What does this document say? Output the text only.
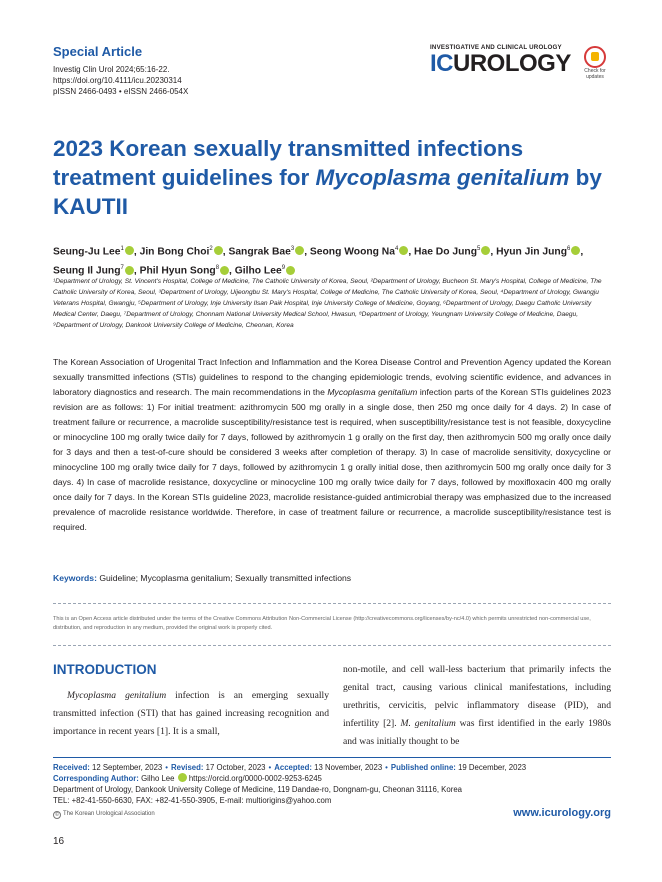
Special Article
Investig Clin Urol 2024;65:16-22.
https://doi.org/10.4111/icu.20230314
pISSN 2466-0493 • eISSN 2466-054X
INVESTIGATIVE AND CLINICAL UROLOGY
ICUROLOGY	Check for updates
2023 Korean sexually transmitted infections treatment guidelines for Mycoplasma genitalium by KAUTII
Seung-Ju Lee$^1$ , Jin Bong Choi$^2$ , Sangrak Bae$^3$ , Seong Woong Na$^4$ , Hae Do Jung$^5$ , Hyun Jin Jung$^6$ ,
Seung Il Jung$^7$ , Phil Hyun Song$^8$ , Gilho Lee$^9$
¹Department of Urology, St. Vincent's Hospital, College of Medicine, The Catholic University of Korea, Seoul, ²Department of Urology, Bucheon St. Mary's Hospital, College of Medicine, The Catholic University of Korea, Seoul, ³Department of Urology, Uijeongbu St. Mary's Hospital, College of Medicine, The Catholic University of Korea, Seoul, ⁴Department of Urology, Gwangju Veterans Hospital, Gwangju, ⁵Department of Urology, Inje University Ilsan Paik Hospital, Inje University College of Medicine, Goyang, ⁶Department of Urology, Daegu Catholic University Medical Center, Daegu, ⁷Department of Urology, Chonnam National University Medical School, Hwasun, ⁸Department of Urology, Yeungnam University College of Medicine, Daegu, ⁹Department of Urology, Dankook University College of Medicine, Cheonan, Korea
The Korean Association of Urogenital Tract Infection and Inflammation and the Korea Disease Control and Prevention Agency updated the Korean sexually transmitted infections (STIs) guidelines to respond to the changing epidemiologic trends, evolving scientific evidence, and advances in laboratory diagnostics and research. The main recommendations in the Mycoplasma genitalium infection parts of the Korean STIs guidelines 2023 revision are as follows: 1) For initial treatment: azithromycin 500 mg orally in a single dose, then 250 mg once daily for 4 days. 2) In case of treatment failure or recurrence, a macrolide susceptibility/resistance test is required, when susceptibility/resistance test is not feasible, doxycycline or minocycline 100 mg orally twice daily for 7 days, followed by azithromycin 1 g orally on the first day, then azithromycin 500 mg orally once daily for 3 days and then a test-of-cure should be considered 3 weeks after completion of therapy. 3) In case of macrolide sensitivity, doxycycline or minocycline 100 mg orally twice daily for 7 days, followed by azithromycin 1 g orally initial dose, then azithromycin 500 mg orally once daily for 3 days. 4) In case of macrolide resistance, doxycycline or minocycline 100 mg orally twice daily for 7 days, followed by moxifloxacin 400 mg orally once daily for 7 days. In the Korean STIs guideline 2023, macrolide resistance-guided antimicrobial therapy was emphasized due to the increased prevalence of macrolide resistance worldwide. Therefore, in case of treatment failure or recurrence, a macrolide susceptibility/resistance test is required.
Keywords: Guideline; Mycoplasma genitalium; Sexually transmitted infections
This is an Open Access article distributed under the terms of the Creative Commons Attribution Non-Commercial License (http://creativecommons.org/licenses/by-nc/4.0) which permits unrestricted non-commercial use, distribution, and reproduction in any medium, provided the original work is properly cited.
INTRODUCTION
Mycoplasma genitalium infection is an emerging sexually transmitted infection (STI) that has gained increasing recognition and importance in recent years [1]. It is a small,
non-motile, and cell wall-less bacterium that primarily infects the genital tract, causing various clinical manifestations, including urethritis, cervicitis, pelvic inflammatory disease (PID), and infertility [2]. M. genitalium was first identified in the early 1980s and was initially thought to be
Received: 12 September, 2023 • Revised: 17 October, 2023 • Accepted: 13 November, 2023 • Published online: 19 December, 2023
Corresponding Author: Gilho Lee https://orcid.org/0000-0002-9253-6245
Department of Urology, Dankook University College of Medicine, 119 Dandae-ro, Dongnam-gu, Cheonan 31116, Korea
TEL: +82-41-550-6630, FAX: +82-41-550-3905, E-mail: multiorigins@yahoo.com
© The Korean Urological Association	www.icurology.org
16
